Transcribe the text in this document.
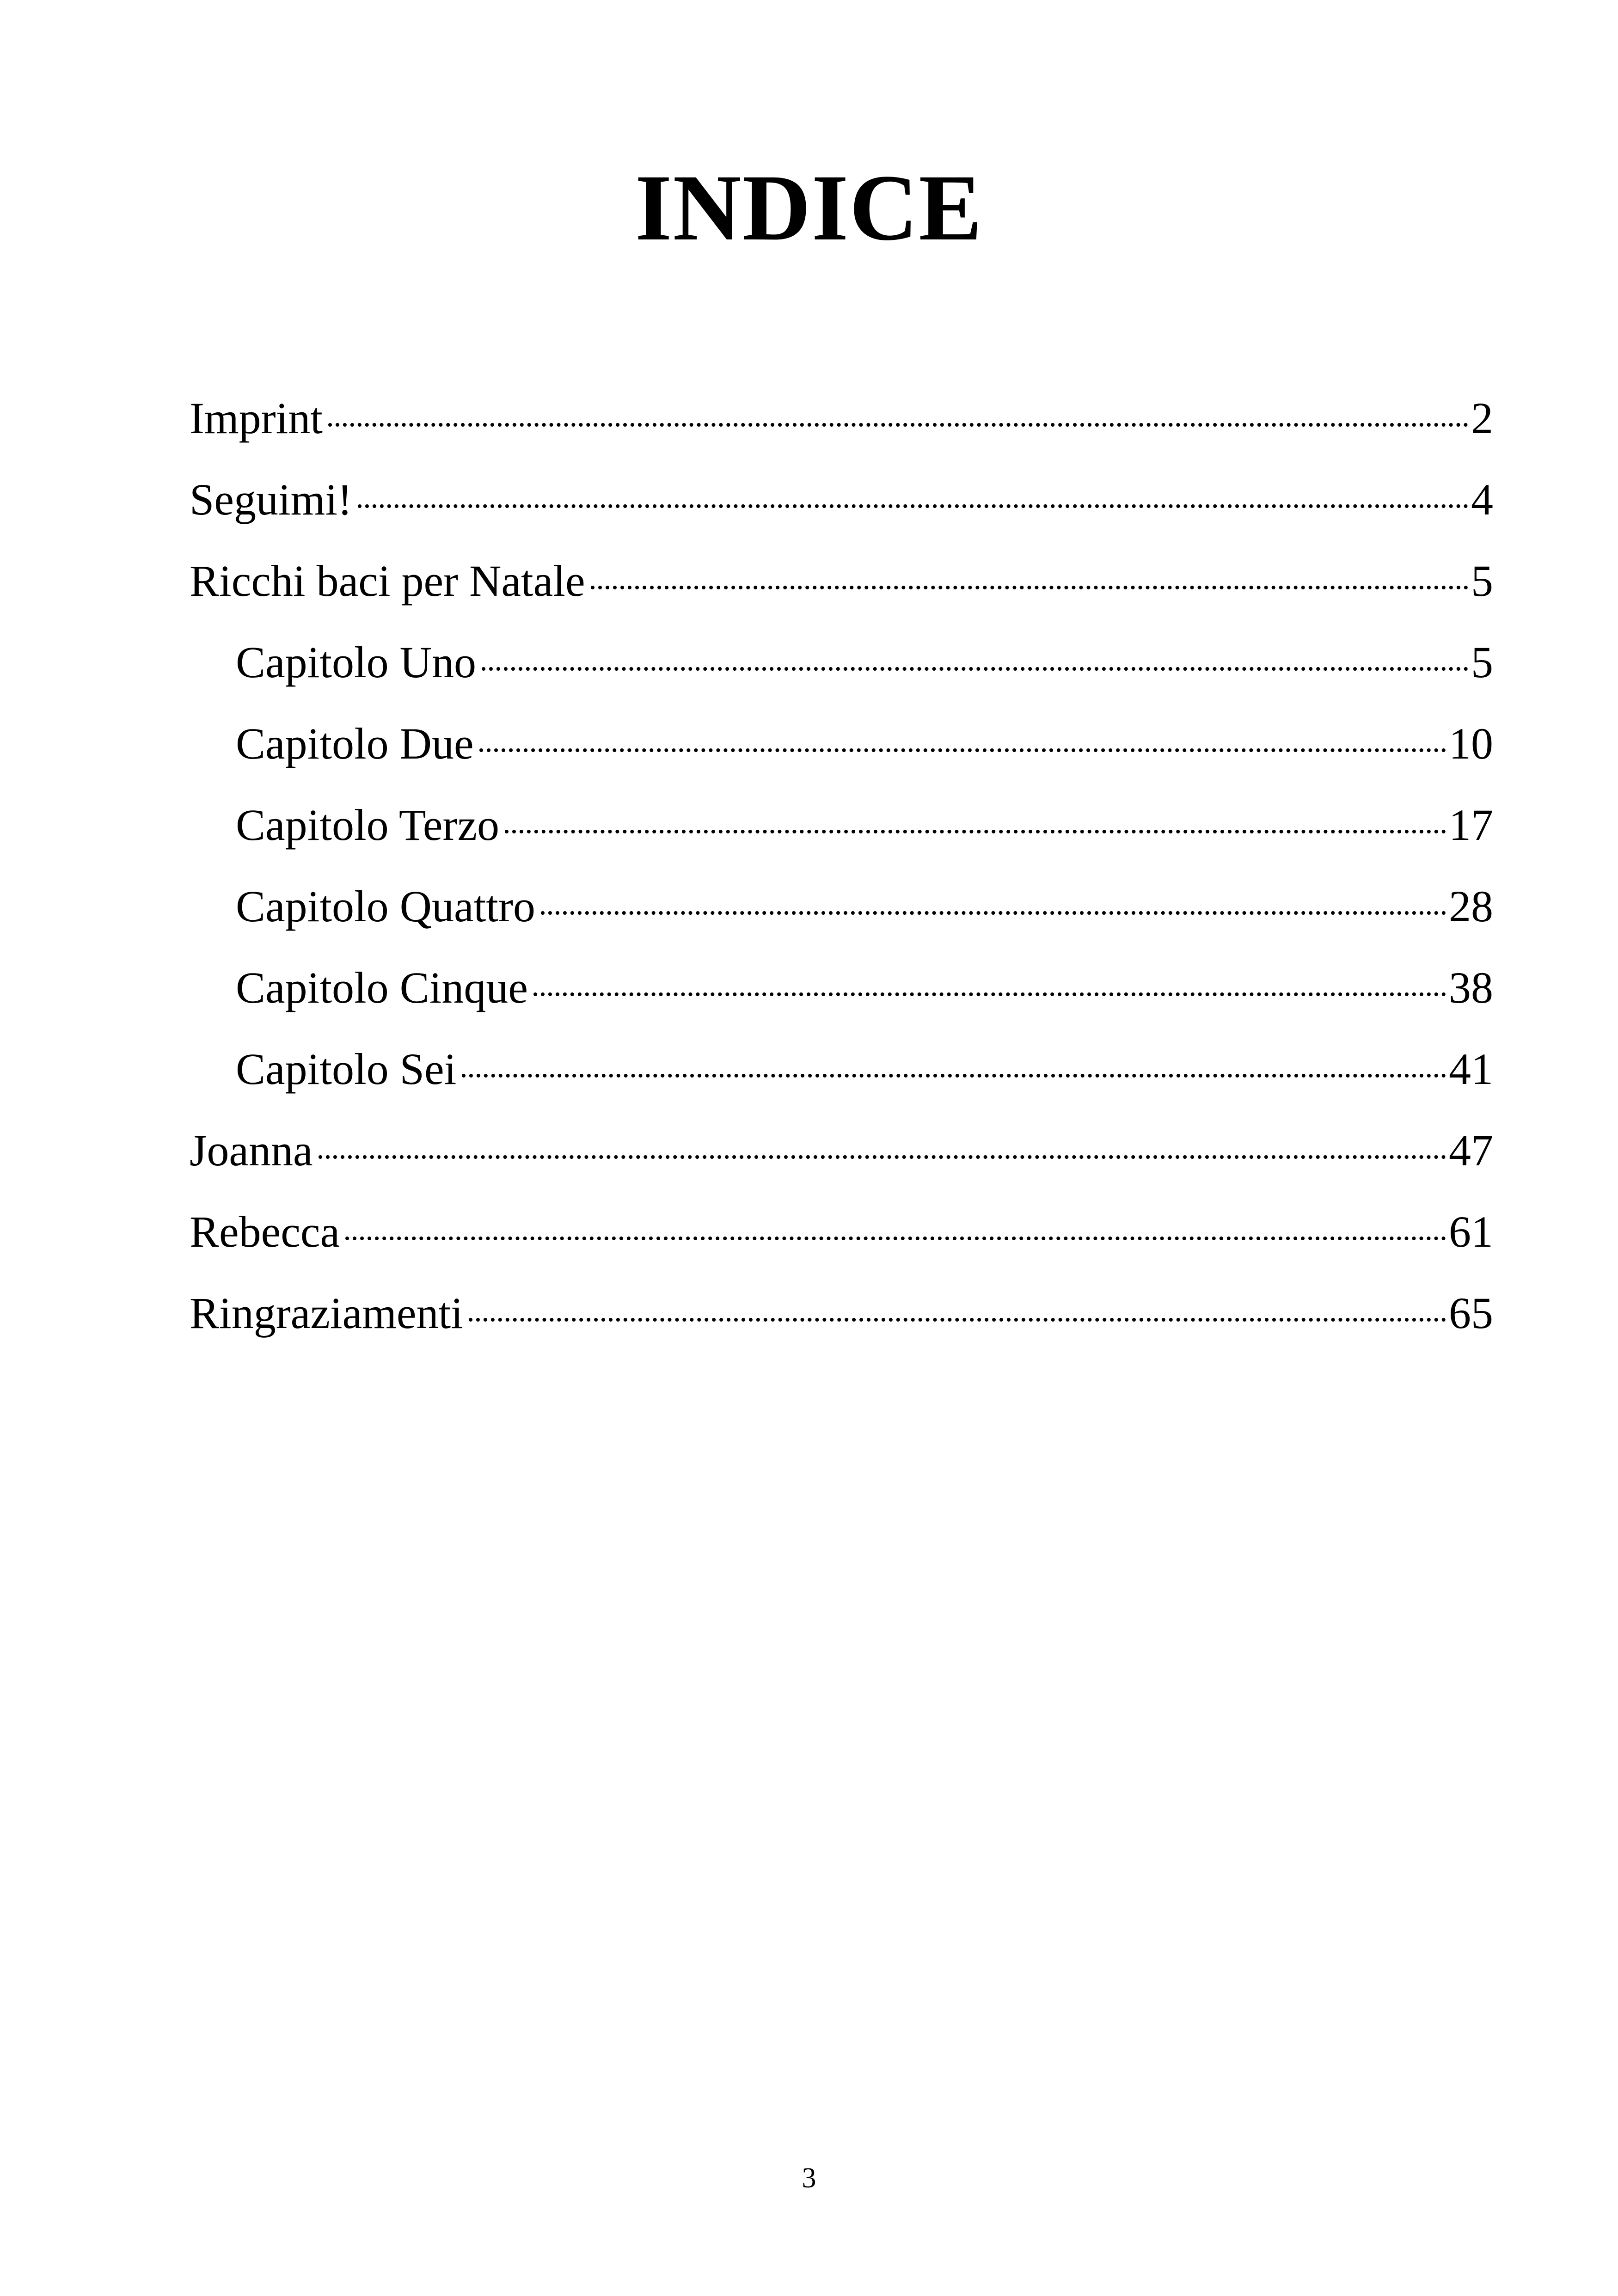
INDICE
Imprint	2
Seguimi!	4
Ricchi baci per Natale	5
Capitolo Uno	5
Capitolo Due	10
Capitolo Terzo	17
Capitolo Quattro	28
Capitolo Cinque	38
Capitolo Sei	41
Joanna	47
Rebecca	61
Ringraziamenti	65
3
